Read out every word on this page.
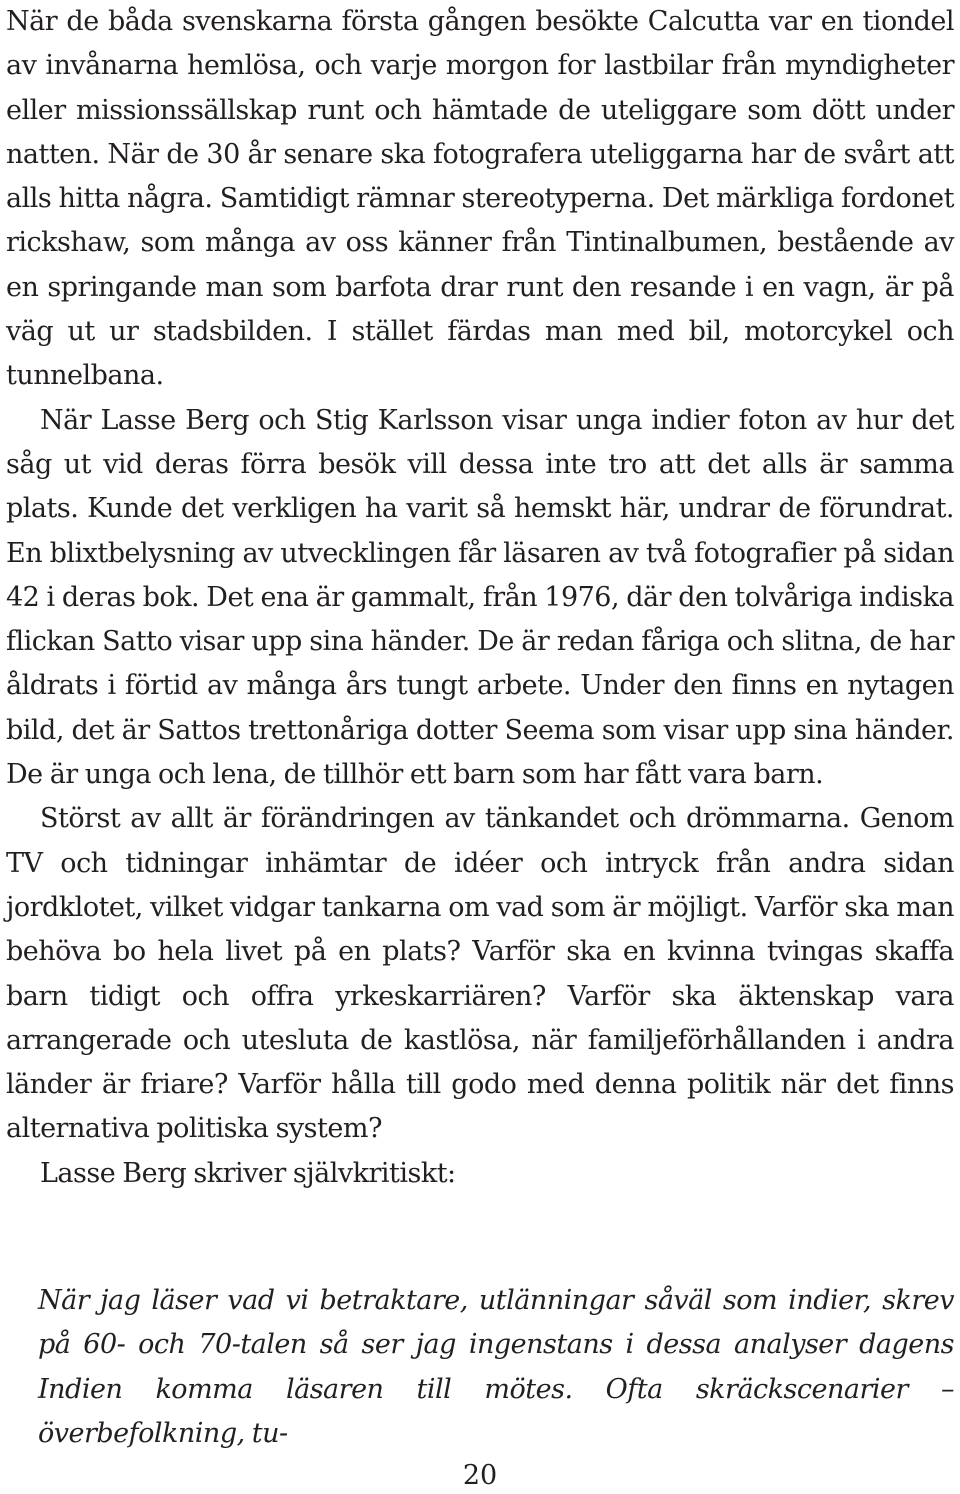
När de båda svenskarna första gången besökte Calcutta var en tiondel av invånarna hemlösa, och varje morgon for lastbilar från myndigheter eller missionssällskap runt och hämtade de uteliggare som dött under natten. När de 30 år senare ska fotografera uteliggarna har de svårt att alls hitta några. Samtidigt rämnar stereotyperna. Det märkliga fordonet rickshaw, som många av oss känner från Tintinalbumen, bestående av en springande man som barfota drar runt den resande i en vagn, är på väg ut ur stadsbilden. I stället färdas man med bil, motorcykel och tunnelbana.

När Lasse Berg och Stig Karlsson visar unga indier foton av hur det såg ut vid deras förra besök vill dessa inte tro att det alls är samma plats. Kunde det verkligen ha varit så hemskt här, undrar de förundrat. En blixtbelysning av utvecklingen får läsaren av två fotografier på sidan 42 i deras bok. Det ena är gammalt, från 1976, där den tolvåriga indiska flickan Satto visar upp sina händer. De är redan fåriga och slitna, de har åldrats i förtid av många års tungt arbete. Under den finns en nytagen bild, det är Sattos trettonåriga dotter Seema som visar upp sina händer. De är unga och lena, de tillhör ett barn som har fått vara barn.

Störst av allt är förändringen av tänkandet och drömmarna. Genom TV och tidningar inhämtar de idéer och intryck från andra sidan jordklotet, vilket vidgar tankarna om vad som är möjligt. Varför ska man behöva bo hela livet på en plats? Varför ska en kvinna tvingas skaffa barn tidigt och offra yrkeskarriären? Varför ska äktenskap vara arrangerade och utesluta de kastlösa, när familjeförhållanden i andra länder är friare? Varför hålla till godo med denna politik när det finns alternativa politiska system?

Lasse Berg skriver självkritiskt:

När jag läser vad vi betraktare, utlänningar såväl som indier, skrev på 60- och 70-talen så ser jag ingenstans i dessa analyser dagens Indien komma läsaren till mötes. Ofta skräckscenarier – överbefolkning, tu-

20
